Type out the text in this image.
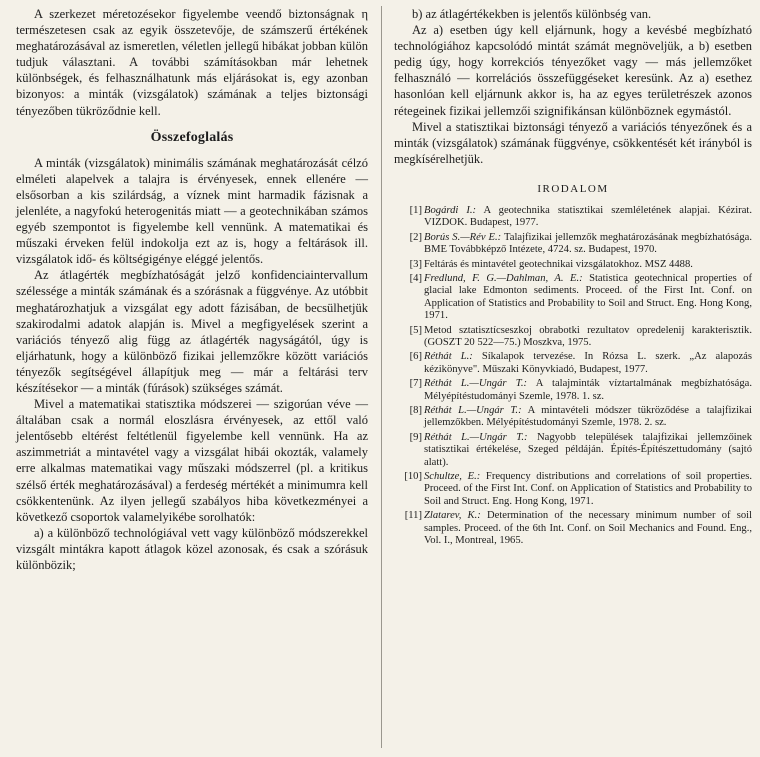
A szerkezet méretozésekor figyelembe veendő biztonságnak η természetesen csak az egyik összetevője, de számszerű értékének meghatározásával az ismeretlen, véletlen jellegű hibákat jobban külön tudjuk választani. A további számításokban már lehetnek különbségek, és felhasználhatunk más eljárásokat is, egy azonban bizonyos: a minták (vizsgálatok) számának a teljes biztonsági tényezőben tükröződnie kell.

Összefoglalás

A minták (vizsgálatok) minimális számának meghatározását célzó elméleti alapelvek a talajra is érvényesek, ennek ellenére — elsősorban a kis szilárdság, a víznek mint harmadik fázisnak a jelenléte, a nagyfokú heterogenitás miatt — a geotechnikában számos egyéb szempontot is figyelembe kell vennünk. A matematikai és műszaki érveken felül indokolja ezt az is, hogy a feltárások ill. vizsgálatok idő- és költségigénye eléggé jelentős.

Az átlagérték megbízhatóságát jelző konfidenciaintervallum szélessége a minták számának és a szórásnak a függvénye. Az utóbbit meghatározhatjuk a vizsgálat egy adott fázisában, de becsülhetjük szakirodalmi adatok alapján is. Mivel a megfigyelések szerint a variációs tényező alig függ az átlagérték nagyságától, úgy is eljárhatunk, hogy a különböző fizikai jellemzőkre között variációs tényezők segítségével állapítjuk meg — már a feltárási terv készítésekor — a minták (fúrások) szükséges számát.

Mivel a matematikai statisztika módszerei — szigorúan véve — általában csak a normál eloszlásra érvényesek, az ettől való jelentősebb eltérést feltétlenül figyelembe kell vennünk. Ha az aszimmetriát a mintavétel vagy a vizsgálat hibái okozták, valamely erre alkalmas matematikai vagy műszaki módszerrel (pl. a kritikus szélső érték meghatározásával) a ferdeség mértékét a minimumra kell csökkentenünk. Az ilyen jellegű szabályos hiba következményei a következő csoportok valamelyikébe sorolhatók:

a) a különböző technológiával vett vagy különböző módszerekkel vizsgált mintákra kapott átlagok közel azonosak, és csak a szórásuk különbözik;

b) az átlagértékekben is jelentős különbség van.

Az a) esetben úgy kell eljárnunk, hogy a kevésbé megbízható technológiához kapcsolódó mintát számát megnöveljük, a b) esetben pedig úgy, hogy korrekciós tényezőket vagy — más jellemzőket felhasználó — korrelációs összefüggéseket keresünk. Az a) esethez hasonlóan kell eljárnunk akkor is, ha az egyes területrészek azonos rétegeinek fizikai jellemzői szignifikánsan különböznek egymástól.

Mivel a statisztikai biztonsági tényező a variációs tényezőnek és a minták (vizsgálatok) számának függvénye, csökkentését két irányból is megkísérelhetjük.

IRODALOM
[1] Bogárdi I.: A geotechnika statisztikai szemléletének alapjai. Kézirat. VIZDOK. Budapest, 1977.
[2] Borús S.—Rév E.: Talajfizikai jellemzők meghatározásának megbízhatósága. BME Továbbképző Intézete, 4724. sz. Budapest, 1970.
[3] Feltárás és mintavétel geotechnikai vizsgálatokhoz. MSZ 4488.
[4] Fredlund, F. G.—Dahlman, A. E.: Statistica geotechnical properties of glacial lake Edmonton sediments. Proceed. of the First Int. Conf. on Application of Statistics and Probability to Soil and Struct. Eng. Hong Kong, 1971.
[5] Metod sztatisztícseszkoj obrabotki rezultatov opredelenij karakterisztik. (GOSZT 20 522—75.) Moszkva, 1975.
[6] Réthát L.: Síkalapok tervezése. In Rózsa L. szerk. „Az alapozás kézikönyve". Műszaki Könyvkiadó, Budapest, 1977.
[7] Réthát L.—Ungár T.: A talajminták víztartalmának megbízhatósága. Mélyépítéstudományi Szemle, 1978. 1. sz.
[8] Réthát L.—Ungár T.: A mintavételi módszer tükröződése a talajfizikai jellemzőkben. Mélyépítéstudományi Szemle, 1978. 2. sz.
[9] Réthát L.—Ungár T.: Nagyobb települések talajfizikai jellemzőinek statisztikai értékelése, Szeged példáján. Építés-Építészettudomány (sajtó alatt).
[10] Schultze, E.: Frequency distributions and correlations of soil properties. Proceed. of the First Int. Conf. on Application of Statistics and Probability to Soil and Struct. Eng. Hong Kong, 1971.
[11] Zlatarev, K.: Determination of the necessary minimum number of soil samples. Proceed. of the 6th Int. Conf. on Soil Mechanics and Found. Eng., Vol. I., Montreal, 1965.
